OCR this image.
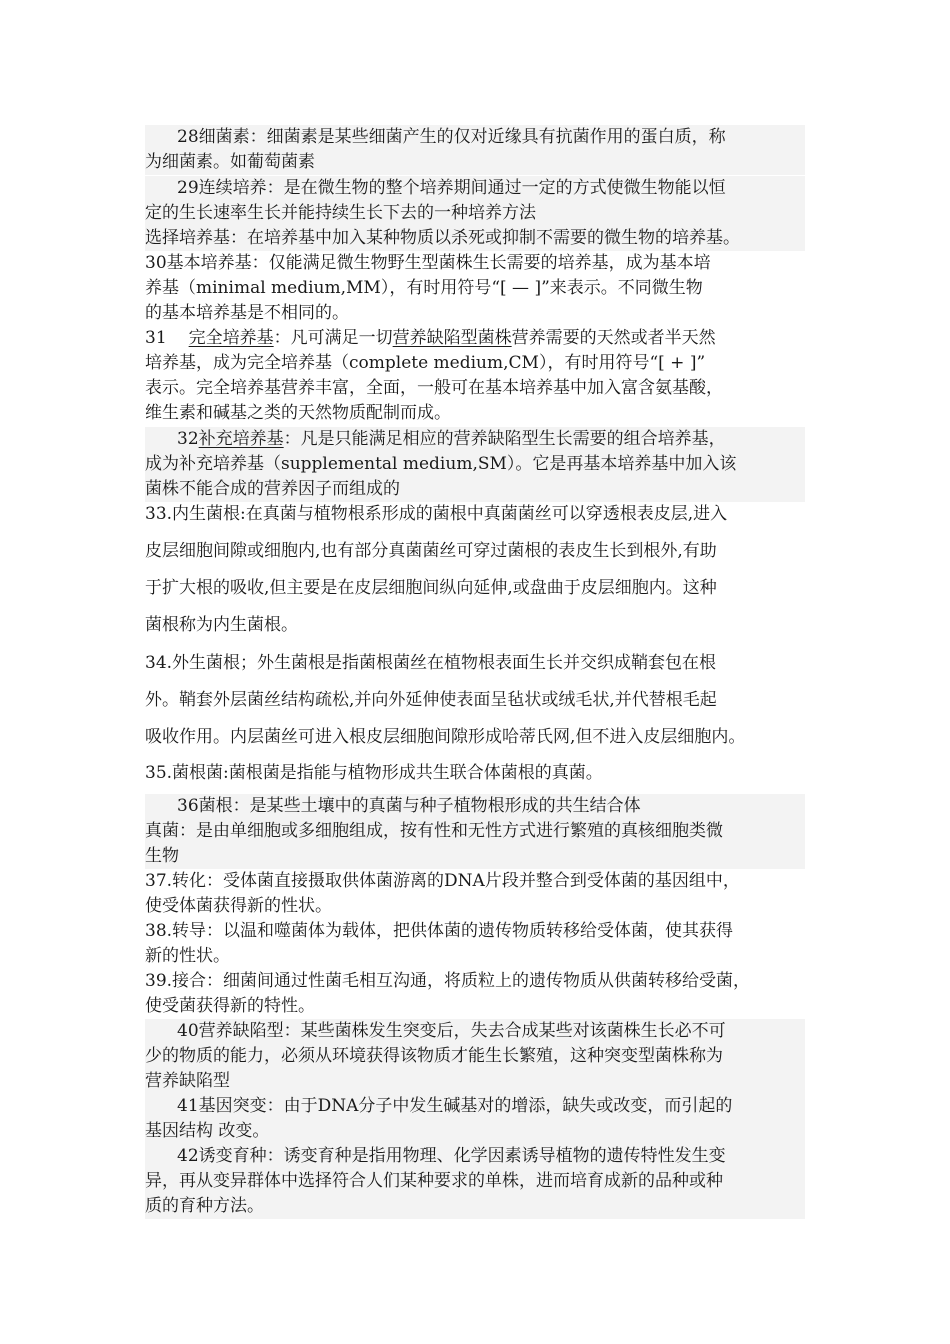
28细菌素：细菌素是某些细菌产生的仅对近缘具有抗菌作用的蛋白质，称
为细菌素。如葡萄菌素
29连续培养：是在微生物的整个培养期间通过一定的方式使微生物能以恒
定的生长速率生长并能持续生长下去的一种培养方法
选择培养基：在培养基中加入某种物质以杀死或抑制不需要的微生物的培养基。
30基本培养基：仅能满足微生物野生型菌株生长需要的培养基，成为基本培
养基（minimal medium,MM），有时用符号“[ — ]”来表示。不同微生物
的基本培养基是不相同的。
31 完全培养基：凡可满足一切营养缺陷型菌株营养需要的天然或者半天然
培养基，成为完全培养基（complete medium,CM），有时用符号“[ + ]”
表示。完全培养基营养丰富，全面，一般可在基本培养基中加入富含氨基酸，
维生素和碱基之类的天然物质配制而成。
32补充培养基：凡是只能满足相应的营养缺陷型生长需要的组合培养基，
成为补充培养基（supplemental medium,SM）。它是再基本培养基中加入该
菌株不能合成的营养因子而组成的
33.内生菌根:在真菌与植物根系形成的菌根中真菌菌丝可以穿透根表皮层,进入
皮层细胞间隙或细胞内,也有部分真菌菌丝可穿过菌根的表皮生长到根外,有助
于扩大根的吸收,但主要是在皮层细胞间纵向延伸,或盘曲于皮层细胞内。这种
菌根称为内生菌根。
34.外生菌根；外生菌根是指菌根菌丝在植物根表面生长并交织成鞘套包在根
外。鞘套外层菌丝结构疏松,并向外延伸使表面呈毡状或绒毛状,并代替根毛起
吸收作用。内层菌丝可进入根皮层细胞间隙形成哈蒂氏网,但不进入皮层细胞内。
35.菌根菌:菌根菌是指能与植物形成共生联合体菌根的真菌。
36菌根：是某些土壤中的真菌与种子植物根形成的共生结合体
真菌：是由单细胞或多细胞组成，按有性和无性方式进行繁殖的真核细胞类微
生物
37.转化：受体菌直接摄取供体菌游离的DNA片段并整合到受体菌的基因组中，
使受体菌获得新的性状。
38.转导：以温和噬菌体为载体，把供体菌的遗传物质转移给受体菌，使其获得
新的性状。
39.接合：细菌间通过性菌毛相互沟通，将质粒上的遗传物质从供菌转移给受菌，
使受菌获得新的特性。
40营养缺陷型：某些菌株发生突变后，失去合成某些对该菌株生长必不可
少的物质的能力，必须从环境获得该物质才能生长繁殖，这种突变型菌株称为
营养缺陷型
41基因突变：由于DNA分子中发生碱基对的增添，缺失或改变，而引起的
基因结构 改变。
42诱变育种：诱变育种是指用物理、化学因素诱导植物的遗传特性发生变
异，再从变异群体中选择符合人们某种要求的单株，进而培育成新的品种或种
质的育种方法。
